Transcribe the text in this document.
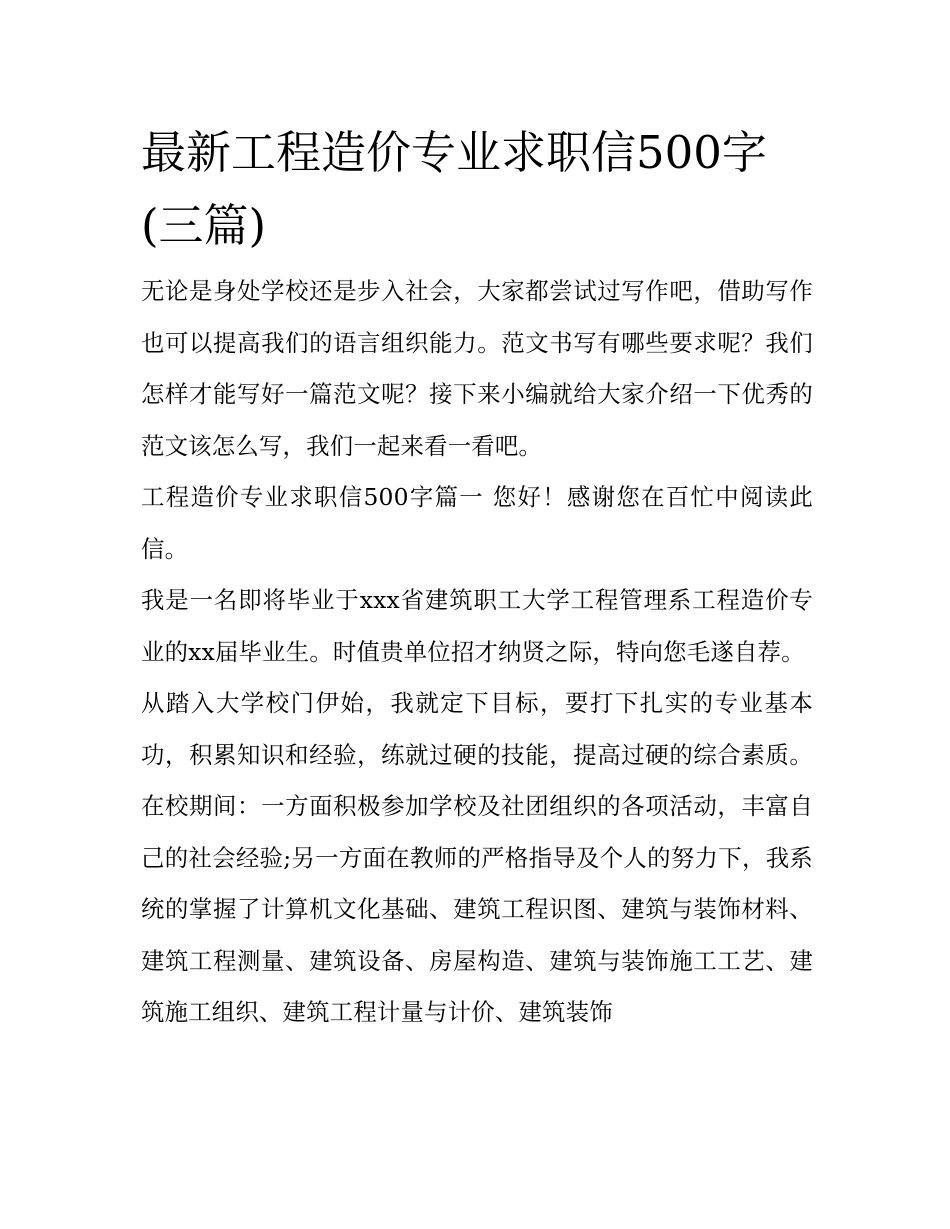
最新工程造价专业求职信500字(三篇)

无论是身处学校还是步入社会，大家都尝试过写作吧，借助写作也可以提高我们的语言组织能力。范文书写有哪些要求呢？我们怎样才能写好一篇范文呢？接下来小编就给大家介绍一下优秀的范文该怎么写，我们一起来看一看吧。

工程造价专业求职信500字篇一 您好！感谢您在百忙中阅读此信。

我是一名即将毕业于xxx省建筑职工大学工程管理系工程造价专业的xx届毕业生。时值贵单位招才纳贤之际，特向您毛遂自荐。

从踏入大学校门伊始，我就定下目标，要打下扎实的专业基本功，积累知识和经验，练就过硬的技能，提高过硬的综合素质。在校期间：一方面积极参加学校及社团组织的各项活动，丰富自己的社会经验;另一方面在教师的严格指导及个人的努力下，我系统的掌握了计算机文化基础、建筑工程识图、建筑与装饰材料、建筑工程测量、建筑设备、房屋构造、建筑与装饰施工工艺、建筑施工组织、建筑工程计量与计价、建筑装饰
